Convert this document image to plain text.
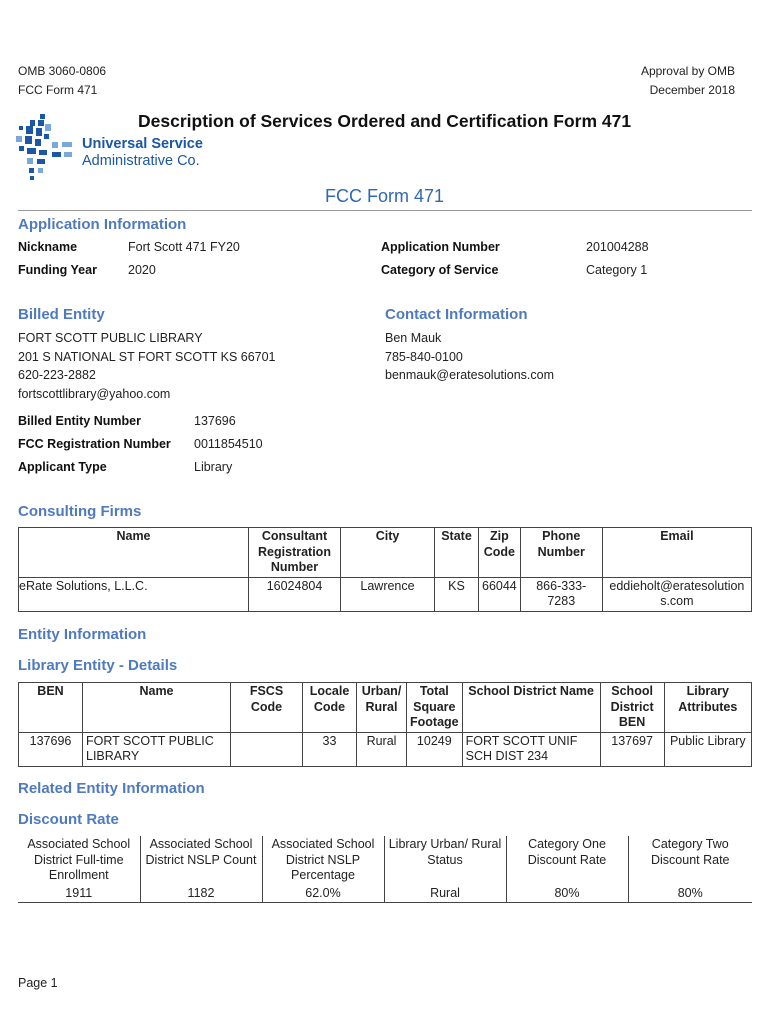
OMB 3060-0806
FCC Form 471
Approval by OMB
December 2018
Universal Service
Administrative Co.
Description of Services Ordered and Certification Form 471
FCC Form 471
Application Information
Nickname	Fort Scott 471 FY20	Application Number	201004288
Funding Year 2020	Category of Service	Category 1
Billed Entity
FORT SCOTT PUBLIC LIBRARY
201 S NATIONAL ST FORT SCOTT KS 66701
620-223-2882
fortscottlibrary@yahoo.com
Contact Information
Ben Mauk
785-840-0100
benmauk@eratesolutions.com
Billed Entity Number	137696
FCC Registration Number 0011854510
Applicant Type	Library
Consulting Firms
Name	Consultant Registration Number	City	State	Zip Code	Phone Number	Email
eRate Solutions, L.L.C.	16024804	Lawrence	KS	66044	866-333-7283	eddieholt@eratesolutions.com
Entity Information
Library Entity - Details
BEN	Name	FSCS Code	Locale Code	Urban/ Rural	Total Square Footage	School District Name	School District BEN	Library Attributes
137696	FORT SCOTT PUBLIC LIBRARY		33	Rural	10249	FORT SCOTT UNIF SCH DIST 234	137697	Public Library
Related Entity Information
Discount Rate
Associated School District Full-time Enrollment	Associated School District NSLP Count	Associated School District NSLP Percentage	Library Urban/ Rural Status	Category One Discount Rate	Category Two Discount Rate
1911	1182	62.0%	Rural	80%	80%
Page 1
